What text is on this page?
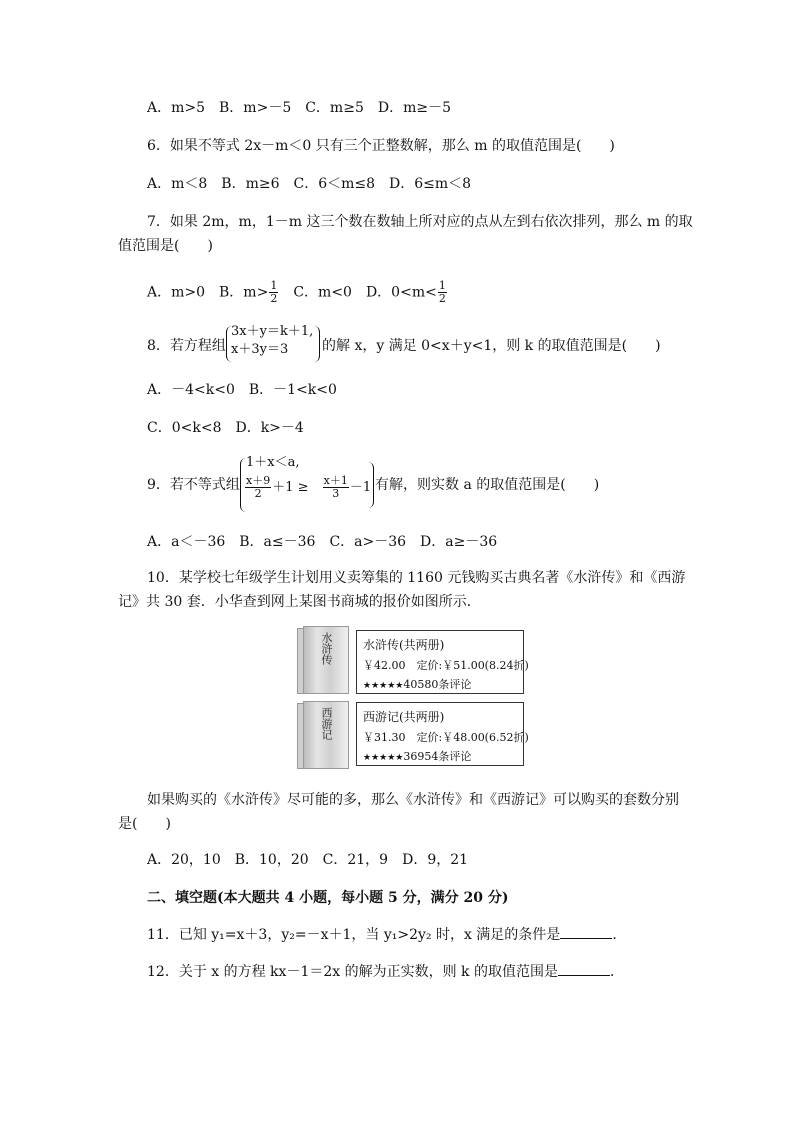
A．m>5　B．m>－5　C．m≥5　D．m≥－5
6．如果不等式 2x－m＜0 只有三个正整数解，那么 m 的取值范围是(　　)
A．m＜8　B．m≥6　C．6＜m≤8　D．6≤m＜8
7．如果 2m，m，1－m 这三个数在数轴上所对应的点从左到右依次排列，那么 m 的取
值范围是(　　)
A．m>0　B．$m> \frac{1}{2}$ 　C．m<0　D．$0<m< \frac{1}{2}$
8．若方程组
3x＋y＝k＋1,
x＋3y＝3 的解 x，y 满足 0<x＋y<1，则 k 的取值范围是(　　)
A．－4<k<0　B．－1<k<0
C．0<k<8　D．k>－4
9．若不等式组
1＋x＜a,
$\frac{x+9}{2} +1 \ge \frac{x+1}{3} -1$ 有解，则实数 a 的取值范围是(　　)
A．a＜－36　B．a≤－36　C．a>－36　D．a≥－36
10．某学校七年级学生计划用义卖筹集的 1160 元钱购买古典名著《水浒传》和《西游
记》共 30 套．小华查到网上某图书商城的报价如图所示．
水浒传	水浒传(共两册)
￥42.00　定价:￥51.00(8.24折)
★★★★★40580条评论
西游记	西游记(共两册)
￥31.30　定价:￥48.00(6.52折)
★★★★★36954条评论
如果购买的《水浒传》尽可能的多，那么《水浒传》和《西游记》可以购买的套数分别
是(　　)
A．20，10　B．10，20　C．21，9　D．9，21
二、填空题(本大题共 4 小题，每小题 5 分，满分 20 分)
11．已知 y₁=x＋3，y₂=－x＋1，当 y₁>2y₂ 时，x 满足的条件是	．
12．关于 x 的方程 kx－1＝2x 的解为正实数，则 k 的取值范围是	．
